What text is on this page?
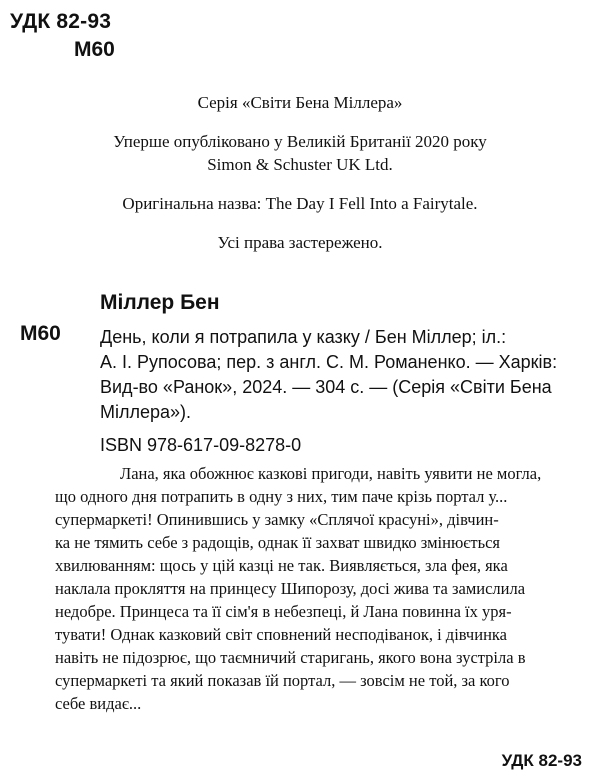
УДК 82-93
М60
Серія «Світи Бена Міллера»
Уперше опубліковано у Великій Британії 2020 року
Simon & Schuster UK Ltd.
Оригінальна назва: The Day I Fell Into a Fairytale.
Усі права застережено.
Міллер Бен
М60 День, коли я потрапила у казку / Бен Міллер; іл.:
А. І. Рупосова; пер. з англ. С. М. Романенко. — Харків:
Вид-во «Ранок», 2024. — 304 с. — (Серія «Світи Бена
Міллера»).
ISBN 978-617-09-8278-0
Лана, яка обожнює казкові пригоди, навіть уявити не могла,
що одного дня потрапить в одну з них, тим паче крізь портал у...
супермаркеті! Опинившись у замку «Сплячої красуні», дівчин-
ка не тямить себе з радощів, однак її захват швидко змінюється
хвилюванням: щось у цій казці не так. Виявляється, зла фея, яка
наклала прокляття на принцесу Шипорозу, досі жива та замислила
недобре. Принцеса та її сім'я в небезпеці, й Лана повинна їх уря-
тувати! Однак казковий світ сповнений несподіванок, і дівчинка
навіть не підозрює, що таємничий старигань, якого вона зустріла в
супермаркеті та який показав їй портал, — зовсім не той, за кого
себе видає...
УДК 82-93
